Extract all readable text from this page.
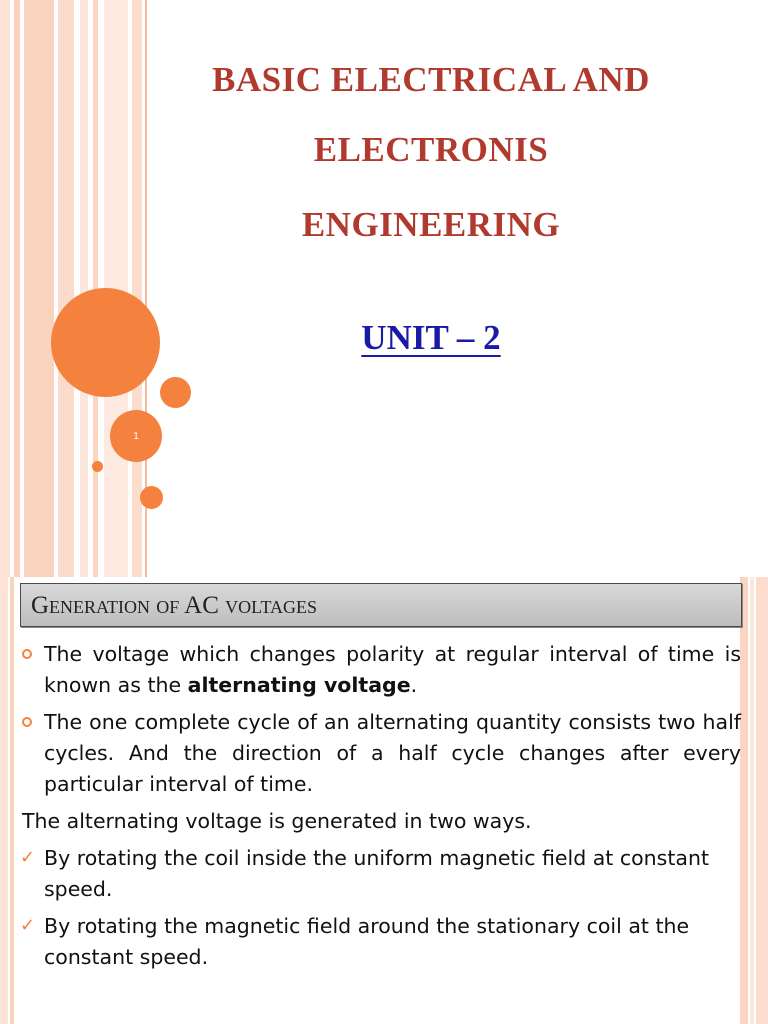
BASIC ELECTRICAL AND
ELECTRONIS
ENGINEERING
UNIT – 2
1
Generation of AC voltages
The voltage which changes polarity at regular interval of time is known as the alternating voltage.
The one complete cycle of an alternating quantity consists two half cycles. And the direction of a half cycle changes after every particular interval of time.
The alternating voltage is generated in two ways.
✓ By rotating the coil inside the uniform magnetic field at constant speed.
✓ By rotating the magnetic field around the stationary coil at the constant speed.
